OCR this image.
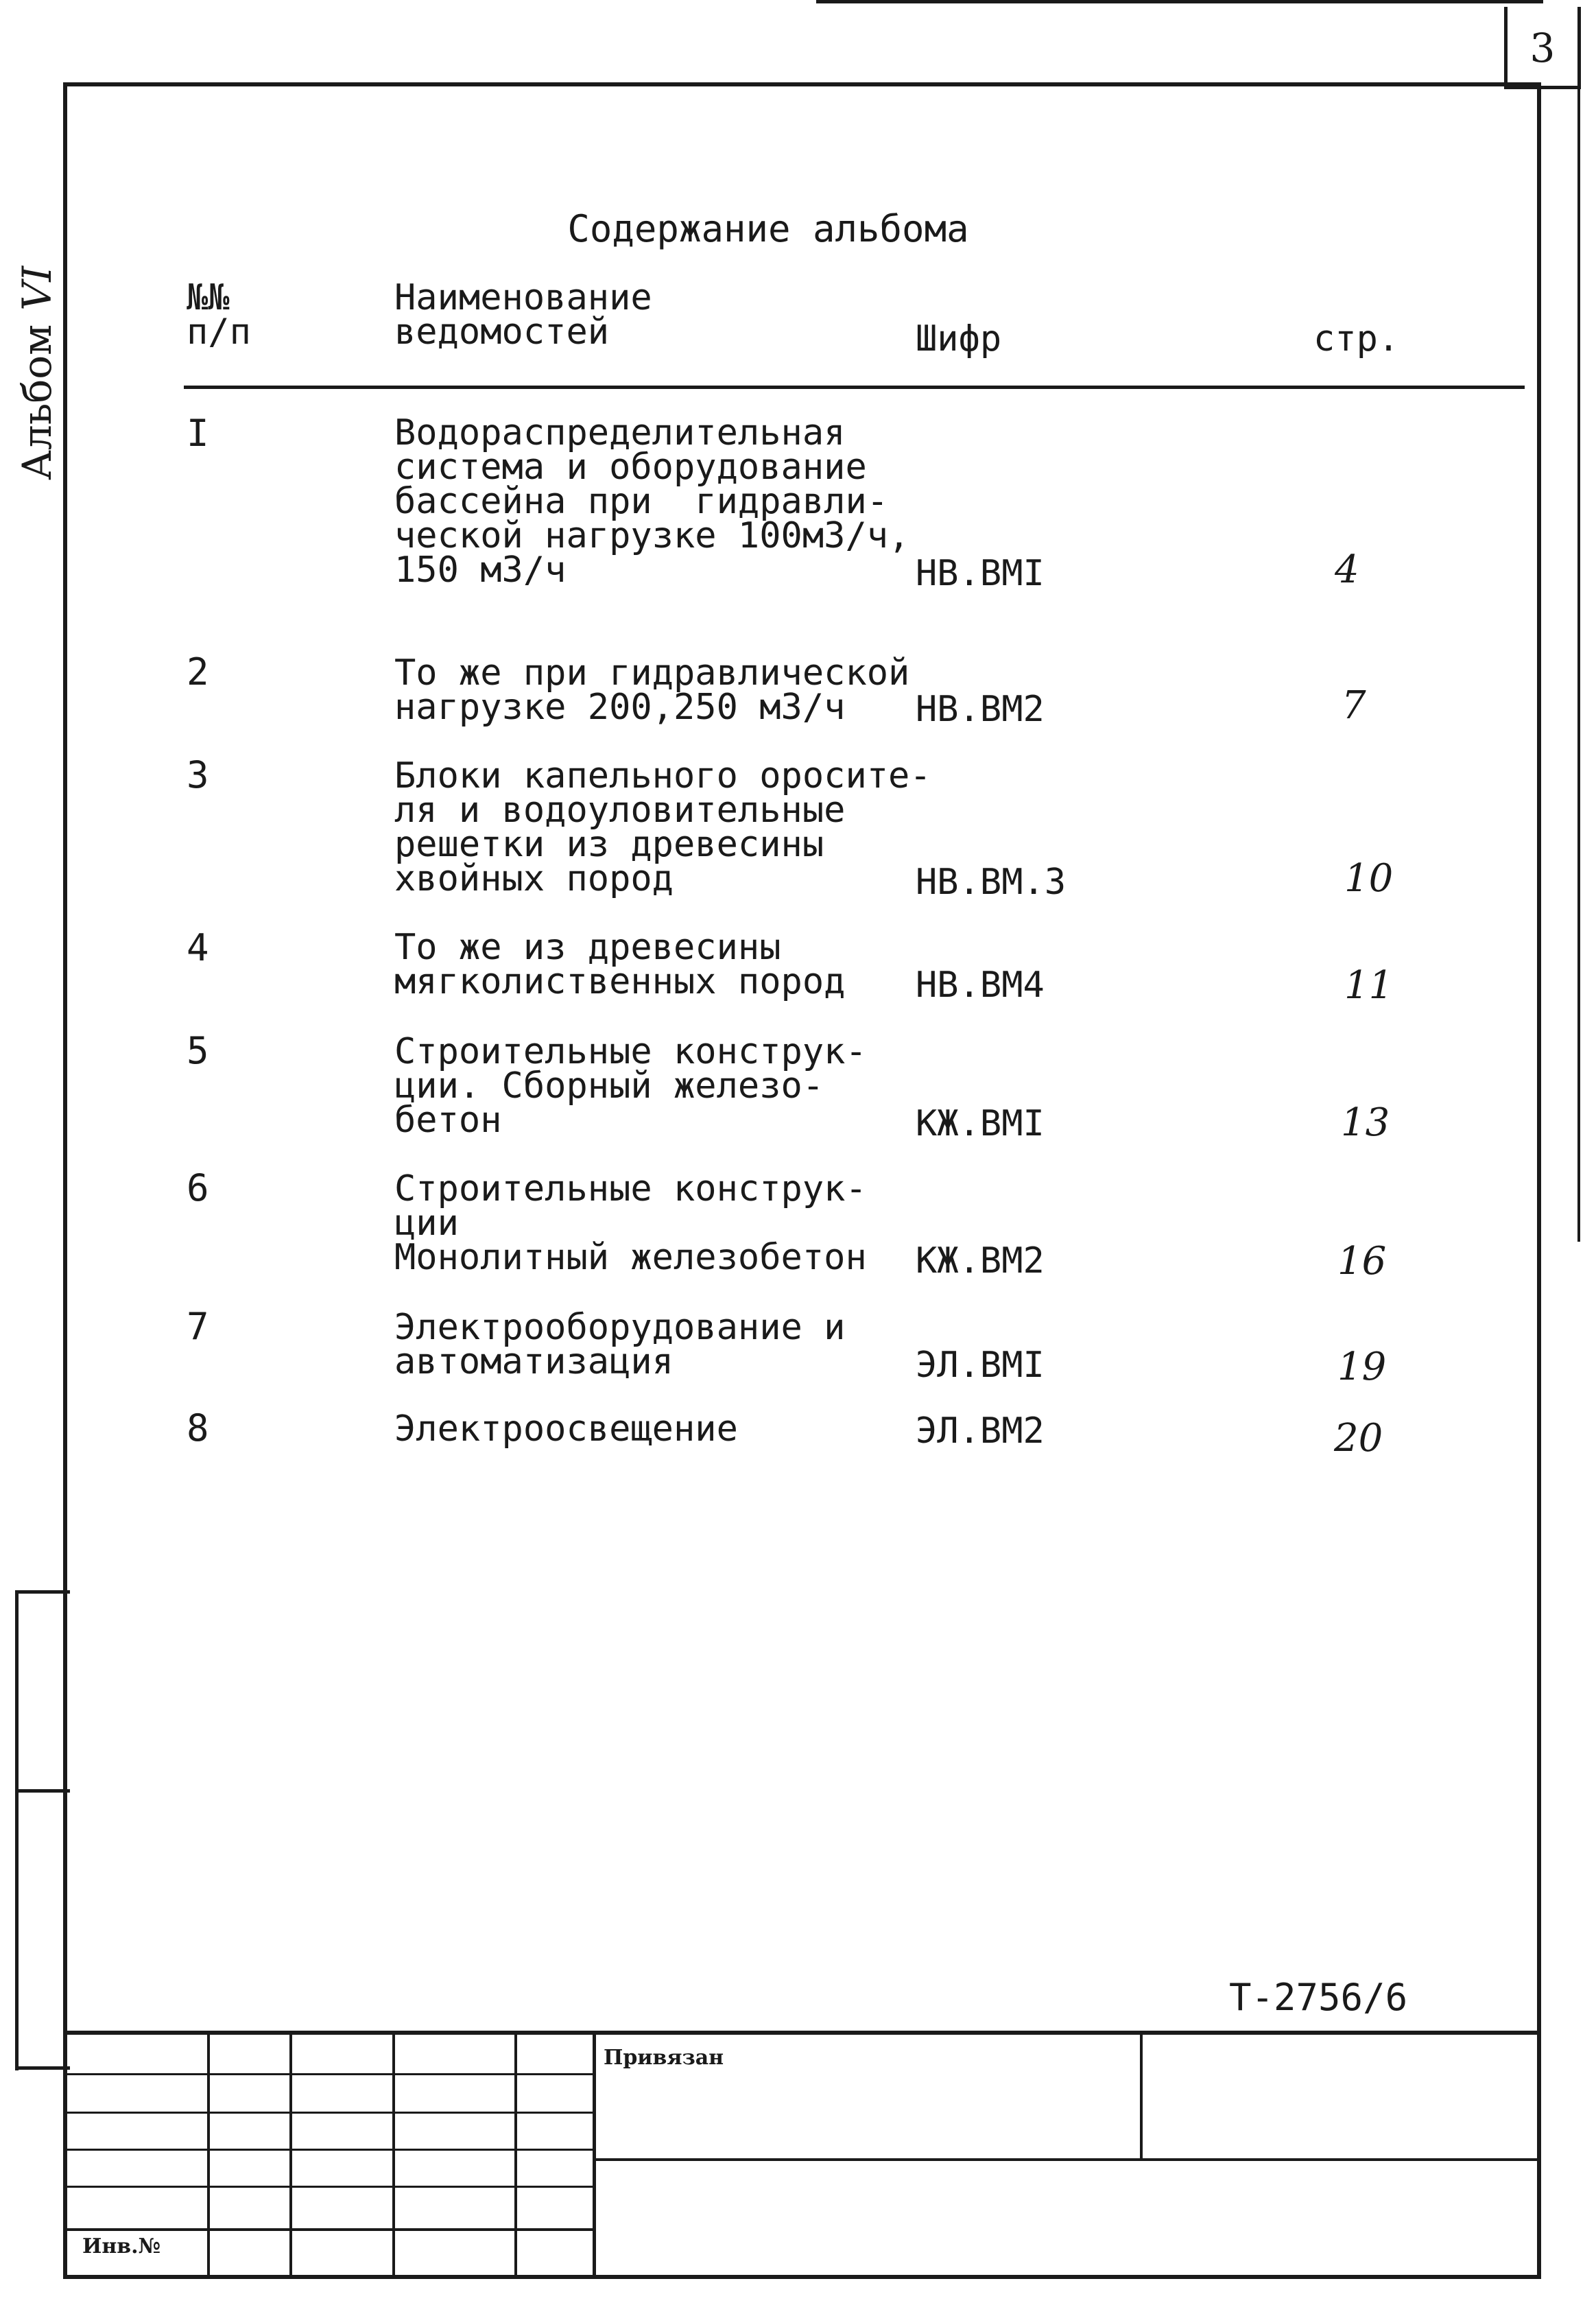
3
АльбомVI
Содержание альбома
№№
п/п
Наименование
ведомостей	Шифр	стр.
I	Водораспределительная
система и оборудование
бассейна при  гидравли-
ческой нагрузке 100м3/ч,
150 м3/ч	НВ.ВМI	4
2	То же при гидравлической
нагрузке 200,250 м3/ч	НВ.ВМ2	7
3	Блоки капельного оросите-
ля и водоуловительные
решетки из древесины
хвойных пород	НВ.ВМ.3	10
4	То же из древесины
мягколиственных пород НВ.ВМ4	11
5	Строительные конструк-
ции. Сборный железо-
бетон	КЖ.ВМI	13
6	Строительные конструк-
ции
Монолитный железобетон КЖ.ВМ2	16
7	Электрооборудование и
автоматизация	ЭЛ.ВМI	19
8	Электроосвещение	ЭЛ.ВМ2	20
Т-2756/6
Привязан
Инв.№
